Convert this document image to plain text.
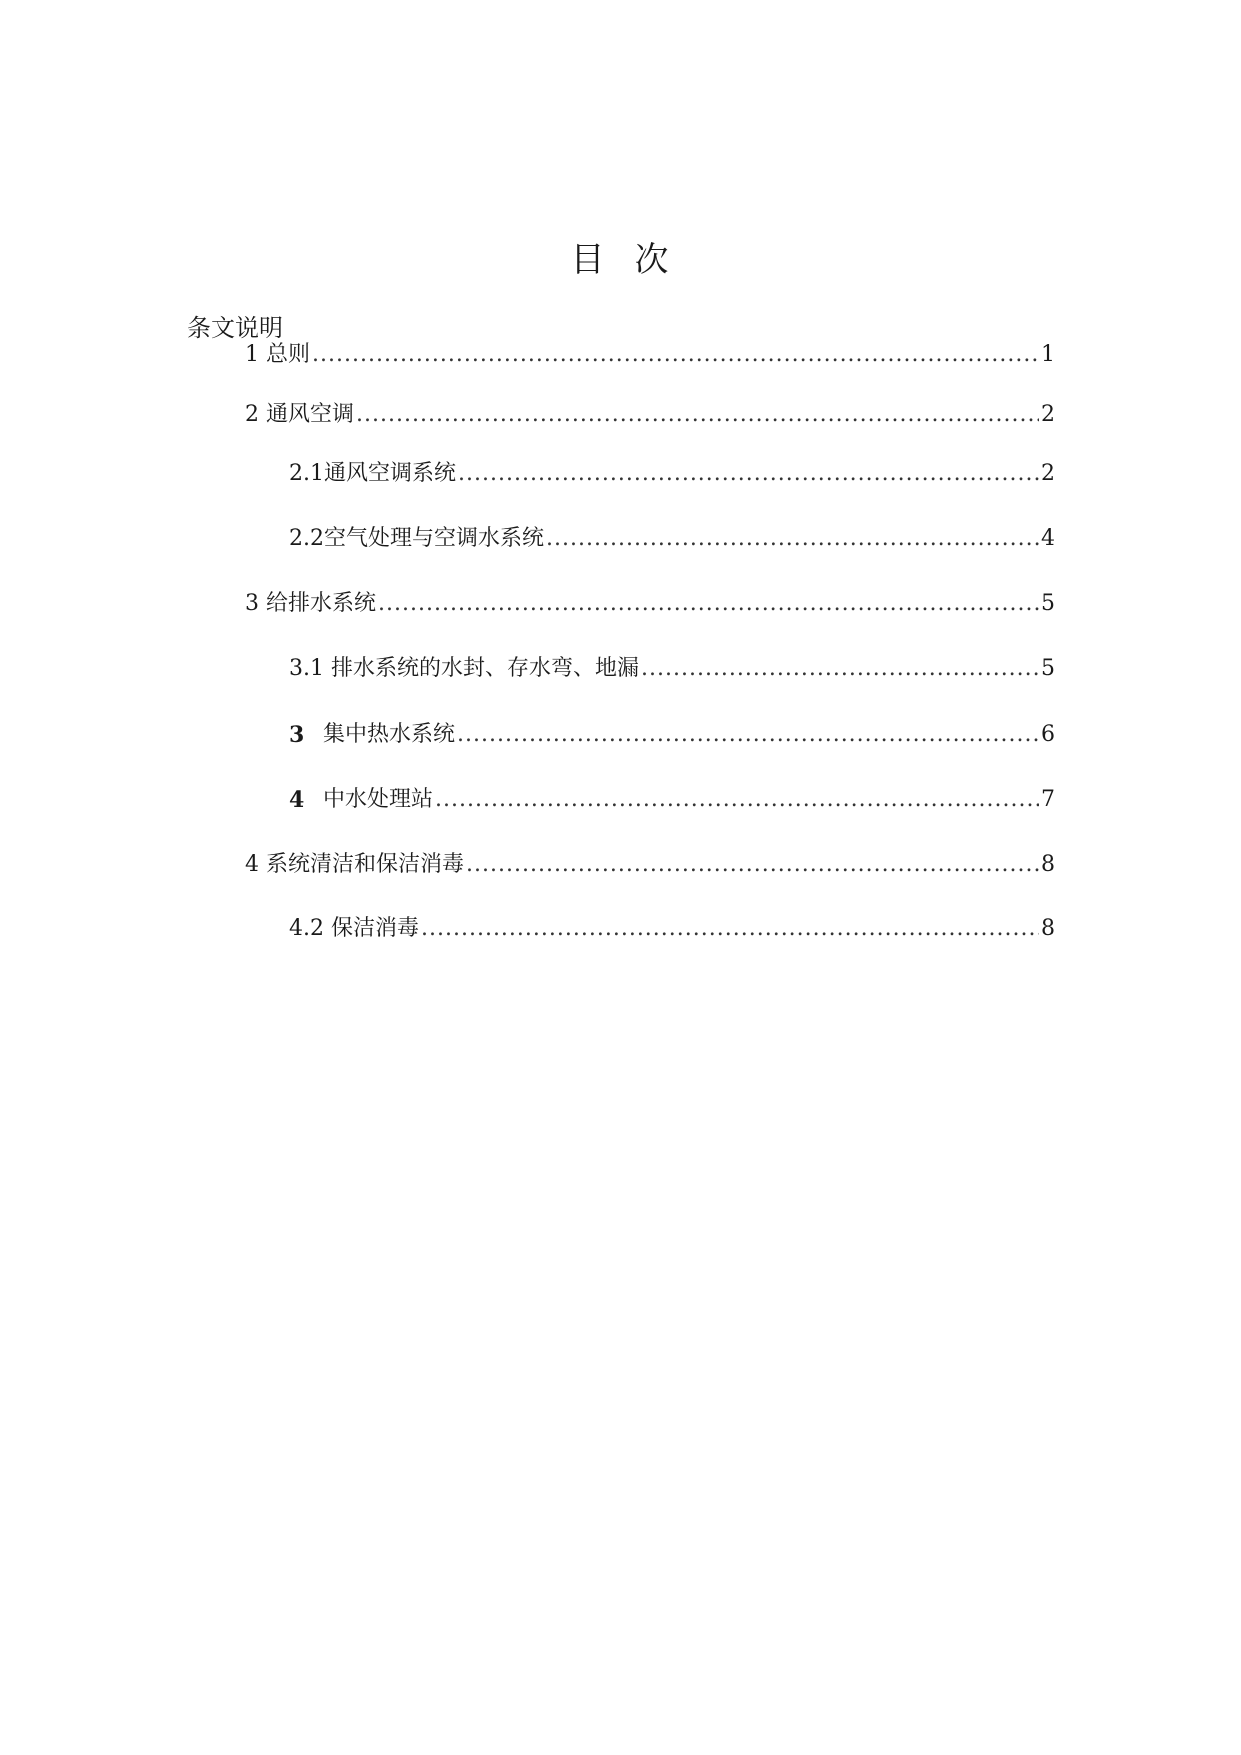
目 次
条文说明
1 总则 .....	1
2 通风空调 .....	2
2.1 通风空调系统 .....	2
2.2 空气处理与空调水系统 .....	4
3 给排水系统 .....	5
3.1 排水系统的水封、存水弯、地漏 .....	5
3 集中热水系统 .....	6
4 中水处理站 .....	7
4 系统清洁和保洁消毒 .....	8
4.2 保洁消毒 .....	8
